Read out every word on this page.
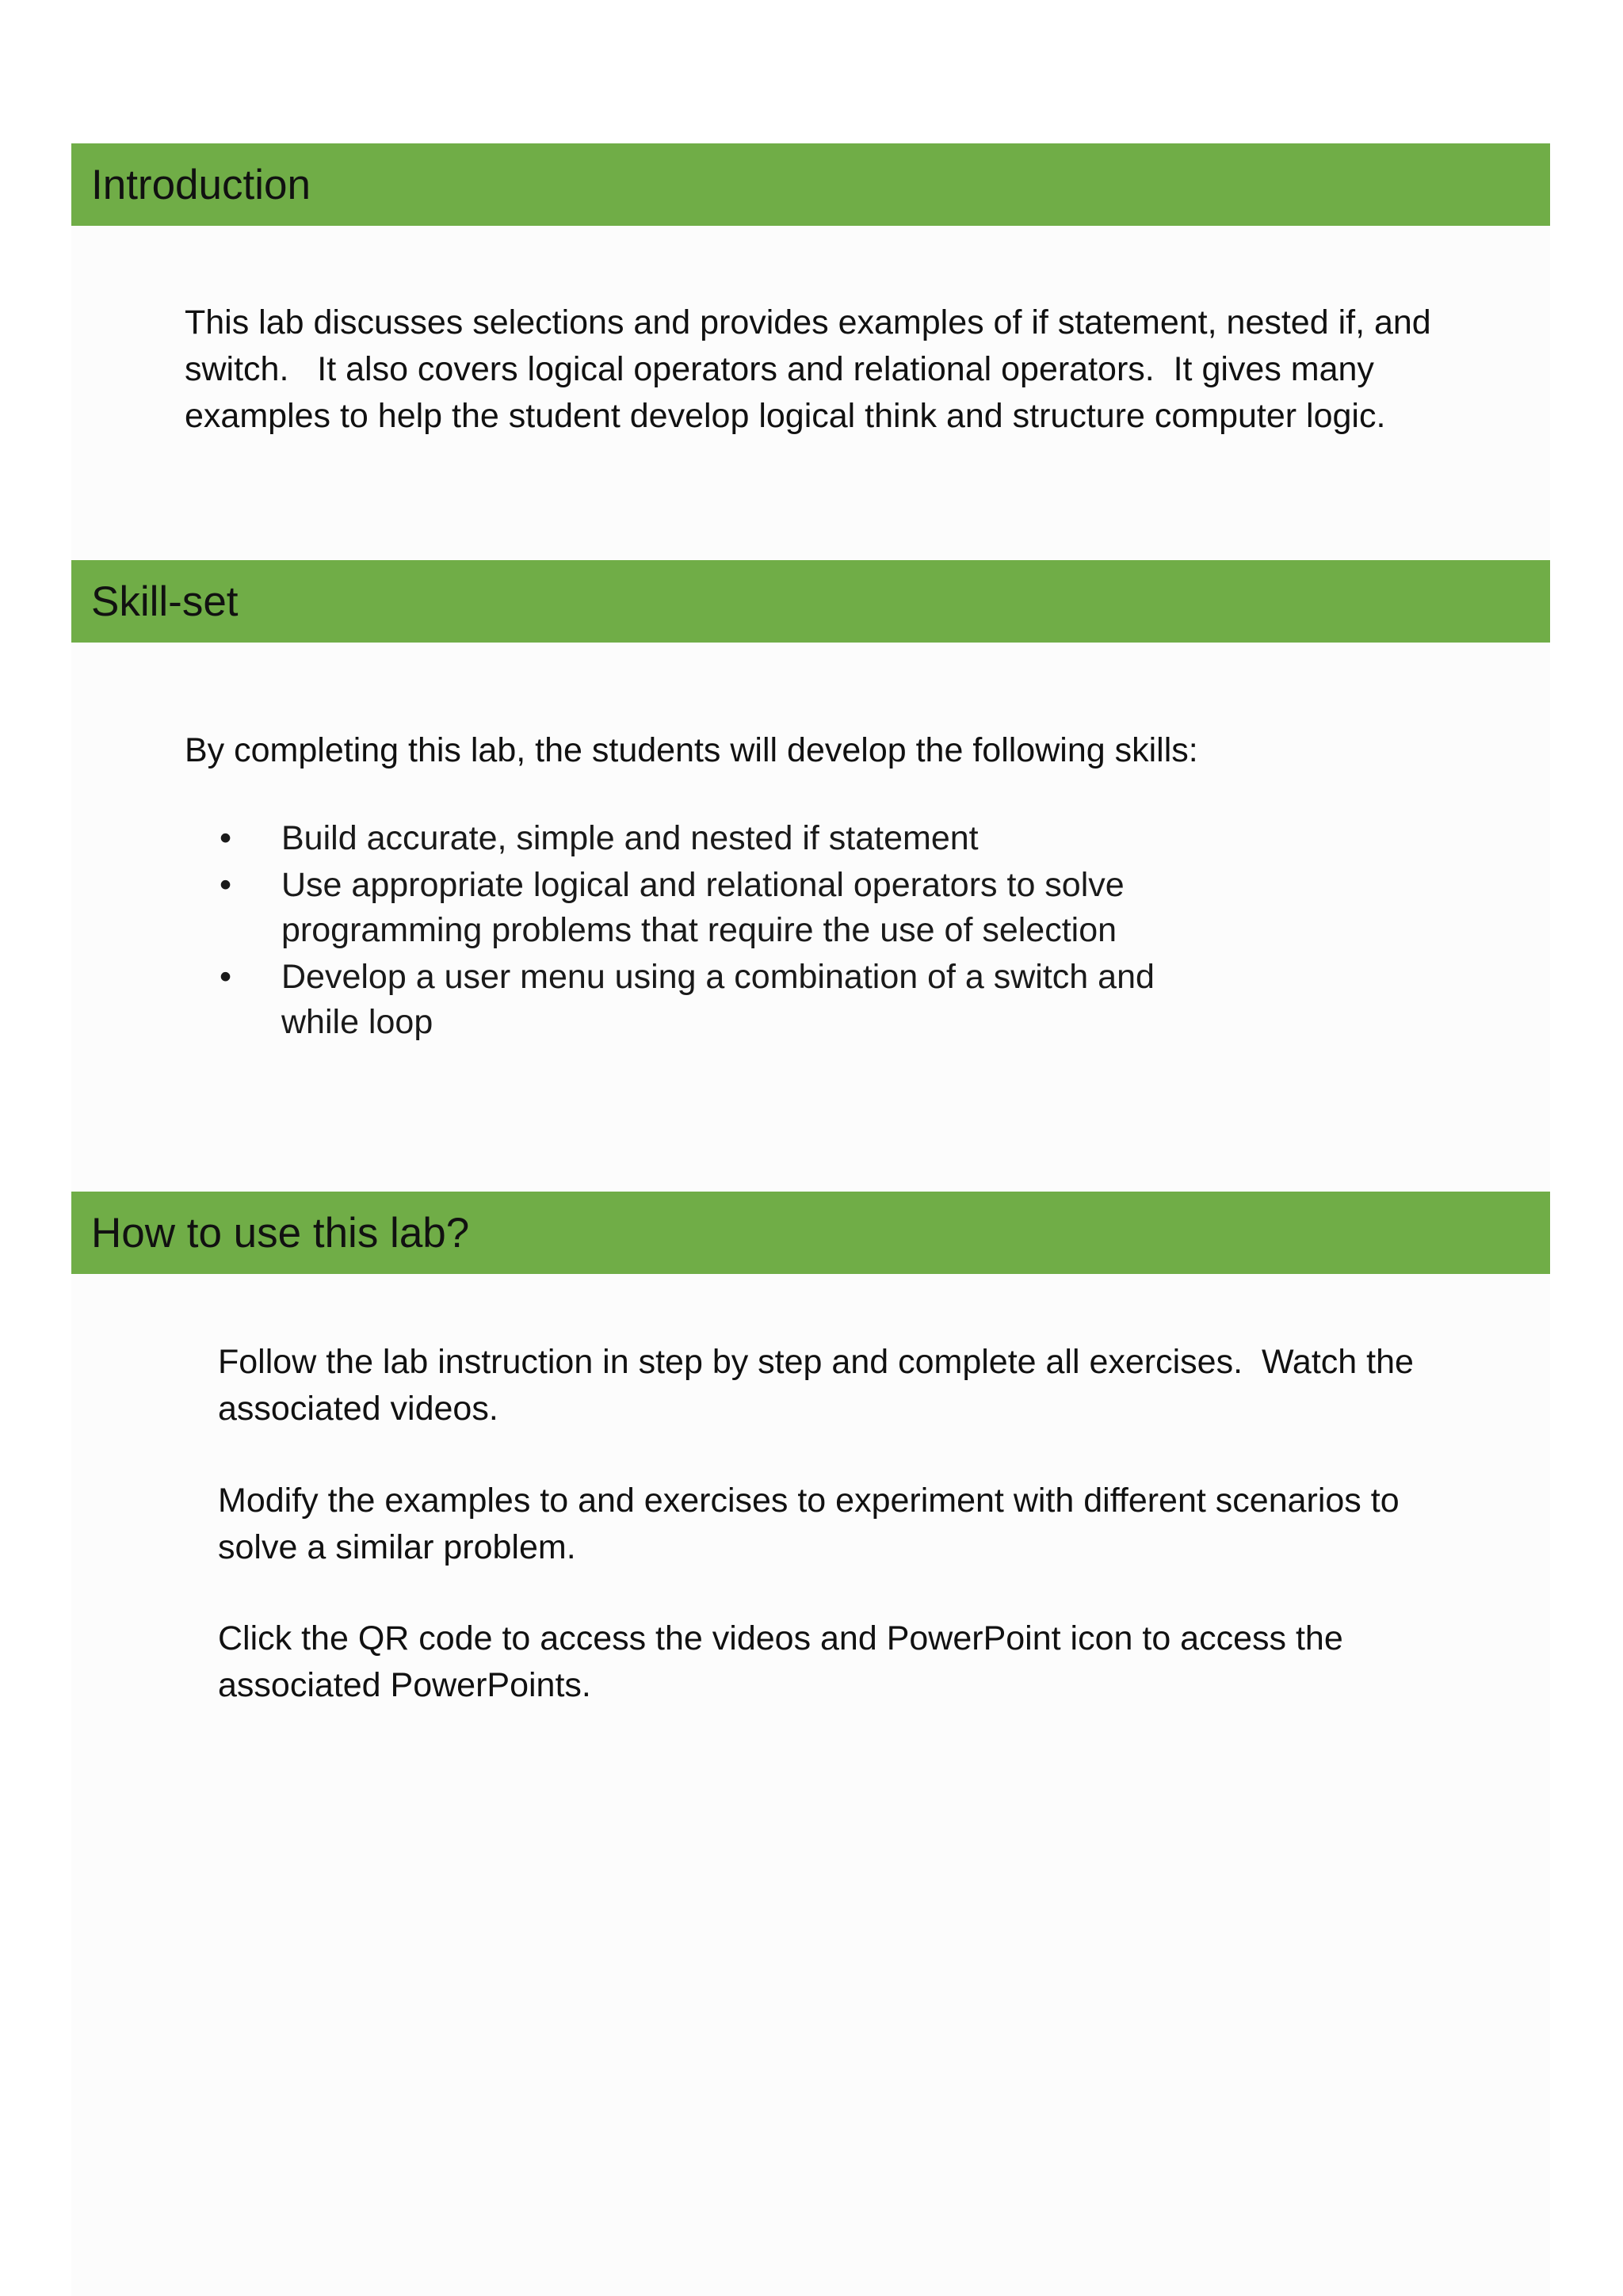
Introduction

This lab discusses selections and provides examples of if statement, nested if, and switch.   It also covers logical operators and relational operators.  It gives many examples to help the student develop logical think and structure computer logic.

Skill-set

By completing this lab, the students will develop the following skills:

• Build accurate, simple and nested if statement
• Use appropriate logical and relational operators to solve programming problems that require the use of selection
• Develop a user menu using a combination of a switch and while loop
How to use this lab?

Follow the lab instruction in step by step and complete all exercises.  Watch the associated videos.

Modify the examples to and exercises to experiment with different scenarios to solve a similar problem.

Click the QR code to access the videos and PowerPoint icon to access the associated PowerPoints.
